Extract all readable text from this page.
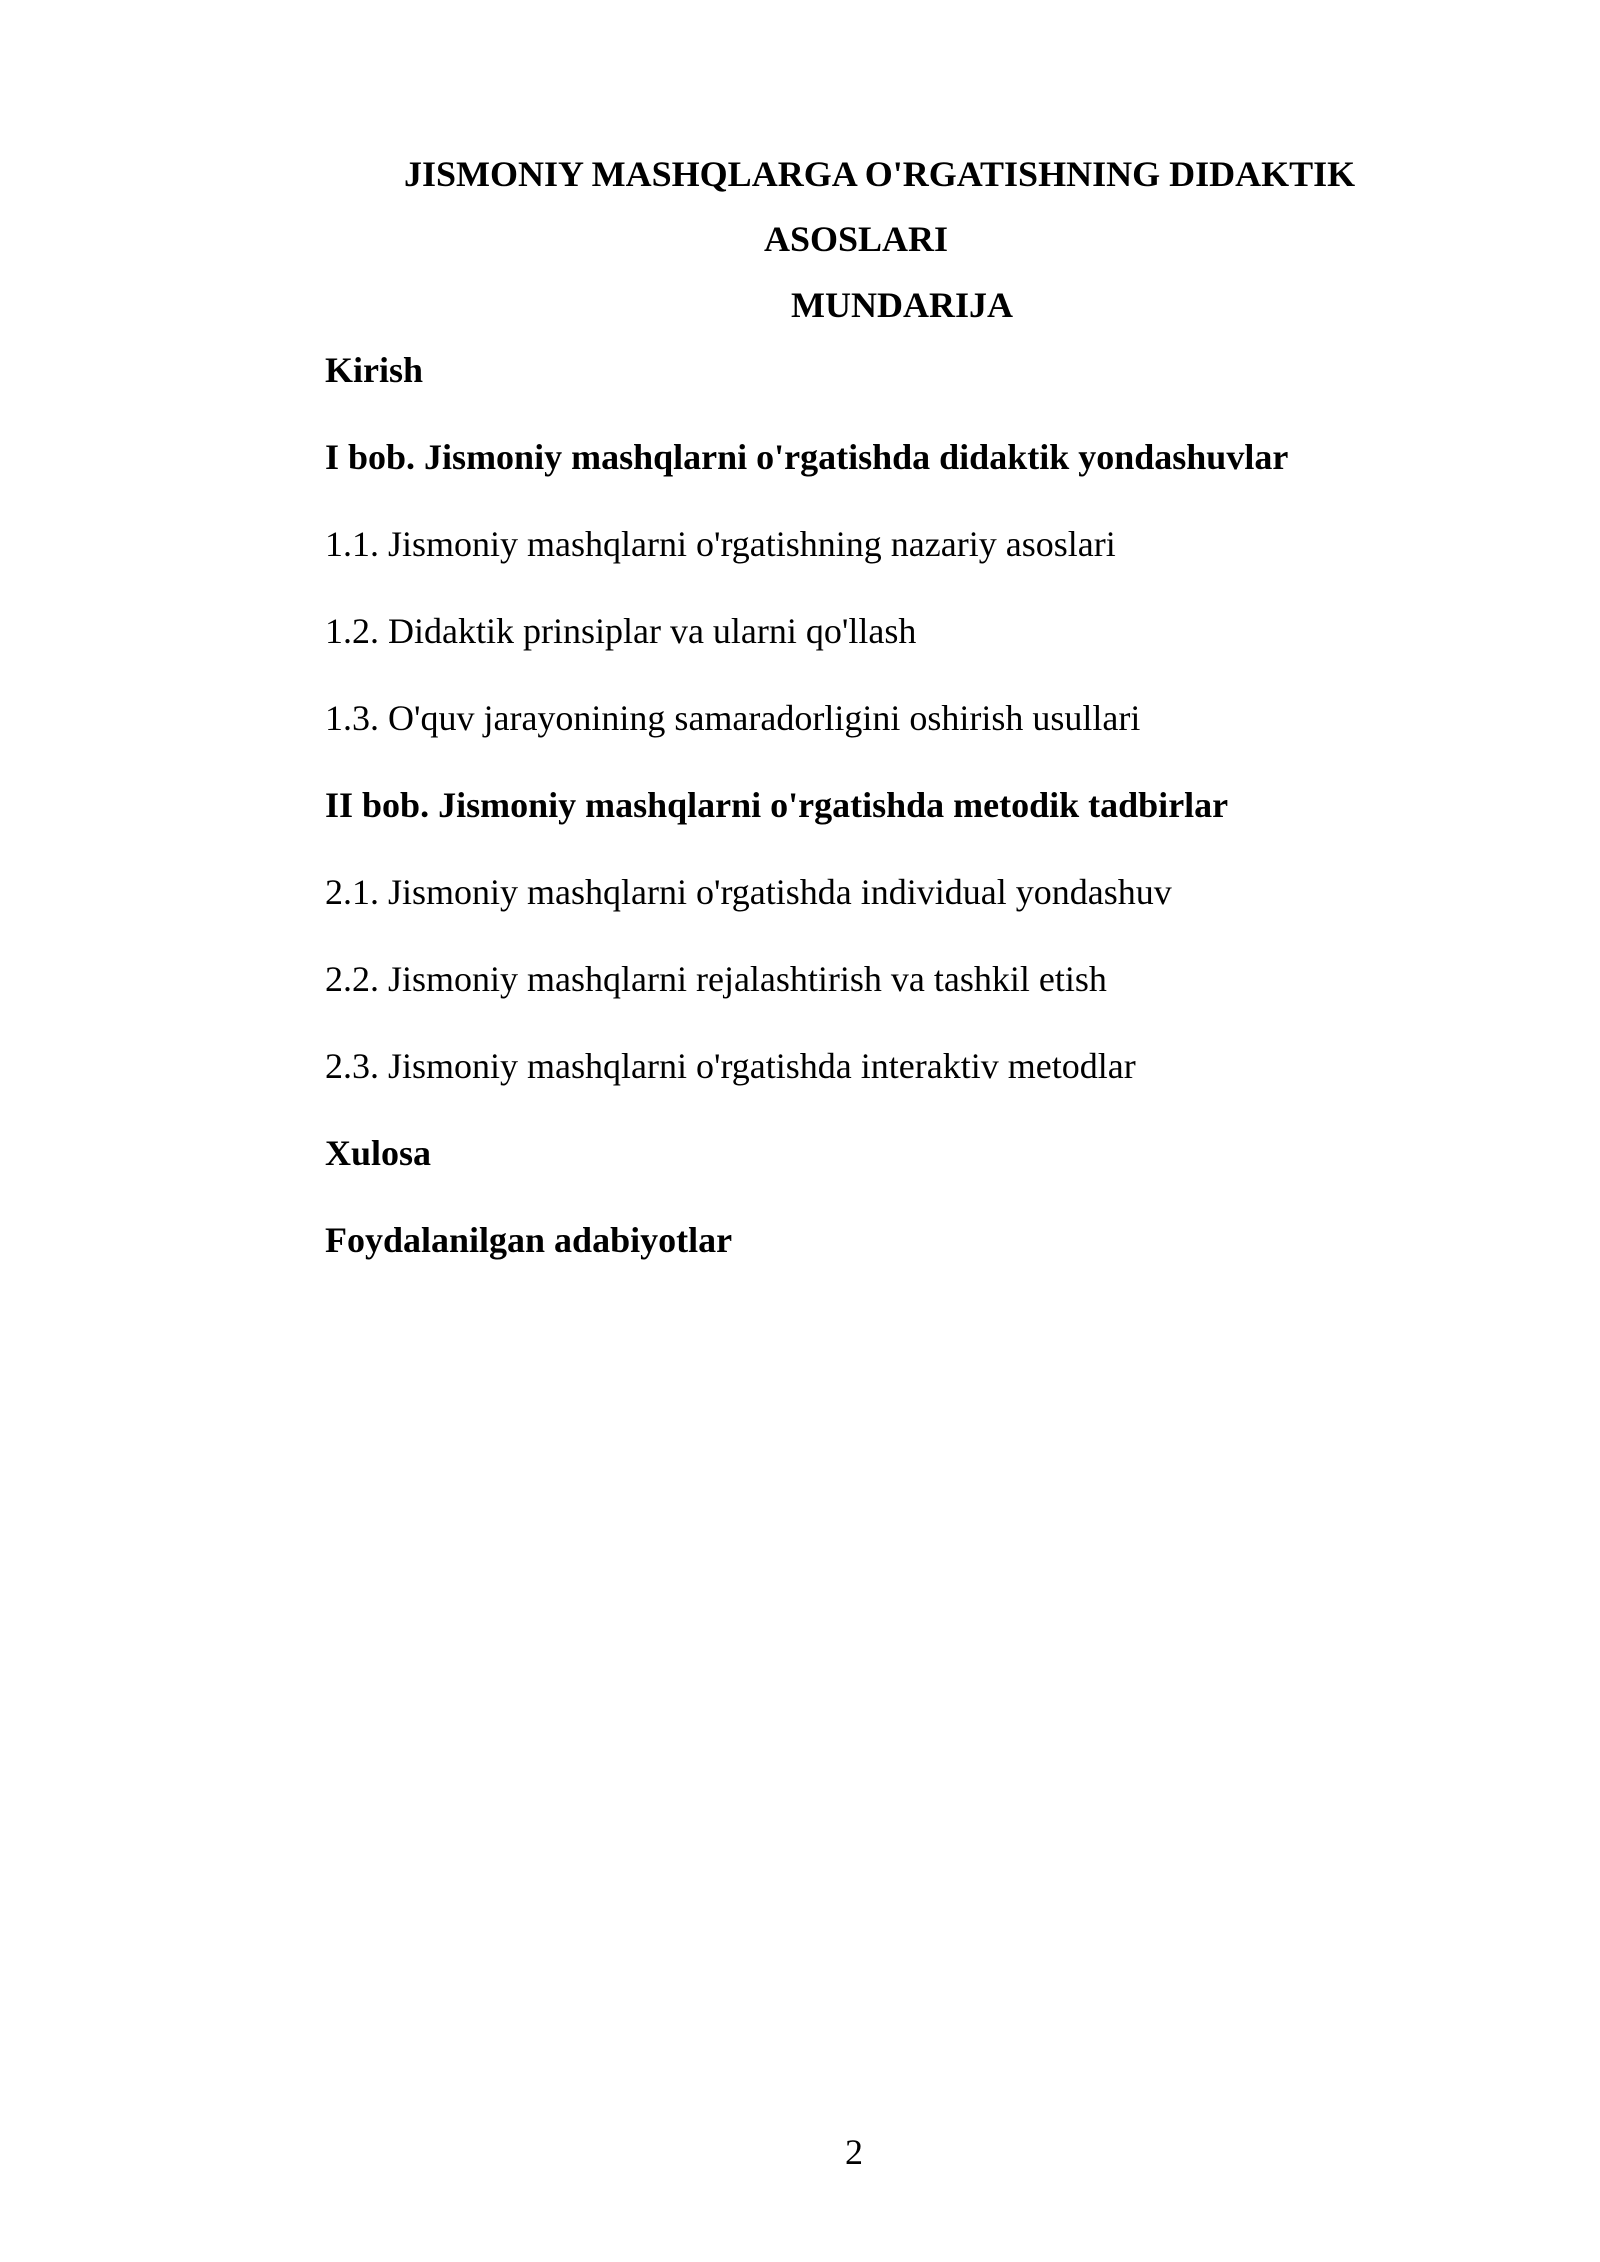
JISMONIY MASHQLARGA O'RGATISHNING DIDAKTIK
ASOSLARI
MUNDARIJA
Kirish
I bob. Jismoniy mashqlarni o'rgatishda didaktik yondashuvlar
1.1. Jismoniy mashqlarni o'rgatishning nazariy asoslari
1.2. Didaktik prinsiplar va ularni qo'llash
1.3. O'quv jarayonining samaradorligini oshirish usullari
II bob. Jismoniy mashqlarni o'rgatishda metodik tadbirlar
2.1. Jismoniy mashqlarni o'rgatishda individual yondashuv
2.2. Jismoniy mashqlarni rejalashtirish va tashkil etish
2.3. Jismoniy mashqlarni o'rgatishda interaktiv metodlar
Xulosa
Foydalanilgan adabiyotlar
2
